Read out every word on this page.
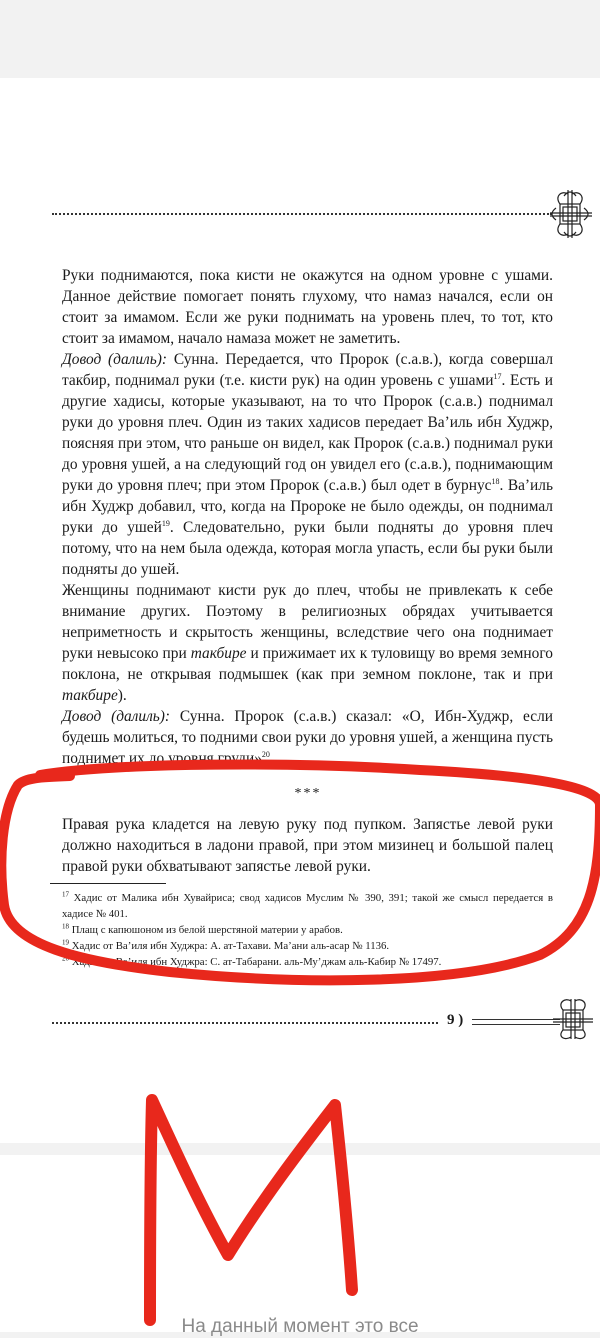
Руки поднимаются, пока кисти не окажутся на одном уровне с ушами. Данное действие помогает понять глухому, что намаз начался, если он стоит за имамом. Если же руки поднимать на уровень плеч, то тот, кто стоит за имамом, начало намаза может не заметить.

Довод (далиль): Сунна. Передается, что Пророк (с.а.в.), когда совершал такбир, поднимал руки (т.е. кисти рук) на один уровень с ушами$^{17}$. Есть и другие хадисы, которые указывают, на то что Пророк (с.а.в.) поднимал руки до уровня плеч. Один из таких хадисов передает Ва’иль ибн Худжр, поясняя при этом, что раньше он видел, как Пророк (с.а.в.) поднимал руки до уровня ушей, а на следующий год он увидел его (с.а.в.), поднимающим руки до уровня плеч; при этом Пророк (с.а.в.) был одет в бурнус$^{18}$. Ва’иль ибн Худжр добавил, что, когда на Пророке не было одежды, он поднимал руки до ушей$^{19}$. Следовательно, руки были подняты до уровня плеч потому, что на нем была одежда, которая могла упасть, если бы руки были подняты до ушей.

Женщины поднимают кисти рук до плеч, чтобы не привлекать к себе внимание других. Поэтому в религиозных обрядах учитывается неприметность и скрытость женщины, вследствие чего она поднимает руки невысоко при такбире и прижимает их к туловищу во время земного поклона, не открывая подмышек (как при земном поклоне, так и при такбире).

Довод (далиль): Сунна. Пророк (с.а.в.) сказал: «О, Ибн-Худжр, если будешь молиться, то подними свои руки до уровня ушей, а женщина пусть поднимет их до уровня груди»$^{20}$.

***

Правая рука кладется на левую руку под пупком. Запястье левой руки должно находиться в ладони правой, при этом мизинец и большой палец правой руки обхватывают запястье левой руки.

$^{17}$ Хадис от Малика ибн Хувайриса; свод хадисов Муслим № 390, 391; такой же смысл передается в хадисе № 401.
$^{18}$ Плащ с капюшоном из белой шерстяной материи у арабов.
$^{19}$ Хадис от Ва’иля ибн Худжра: А. ат-Тахави. Ма’ани аль-асар № 1136.
$^{20}$ Хадис от Ва’иля ибн Худжра: С. ат-Табарани. аль-Му’джам аль-Кабир № 17497.
9 )
На данный момент это все
